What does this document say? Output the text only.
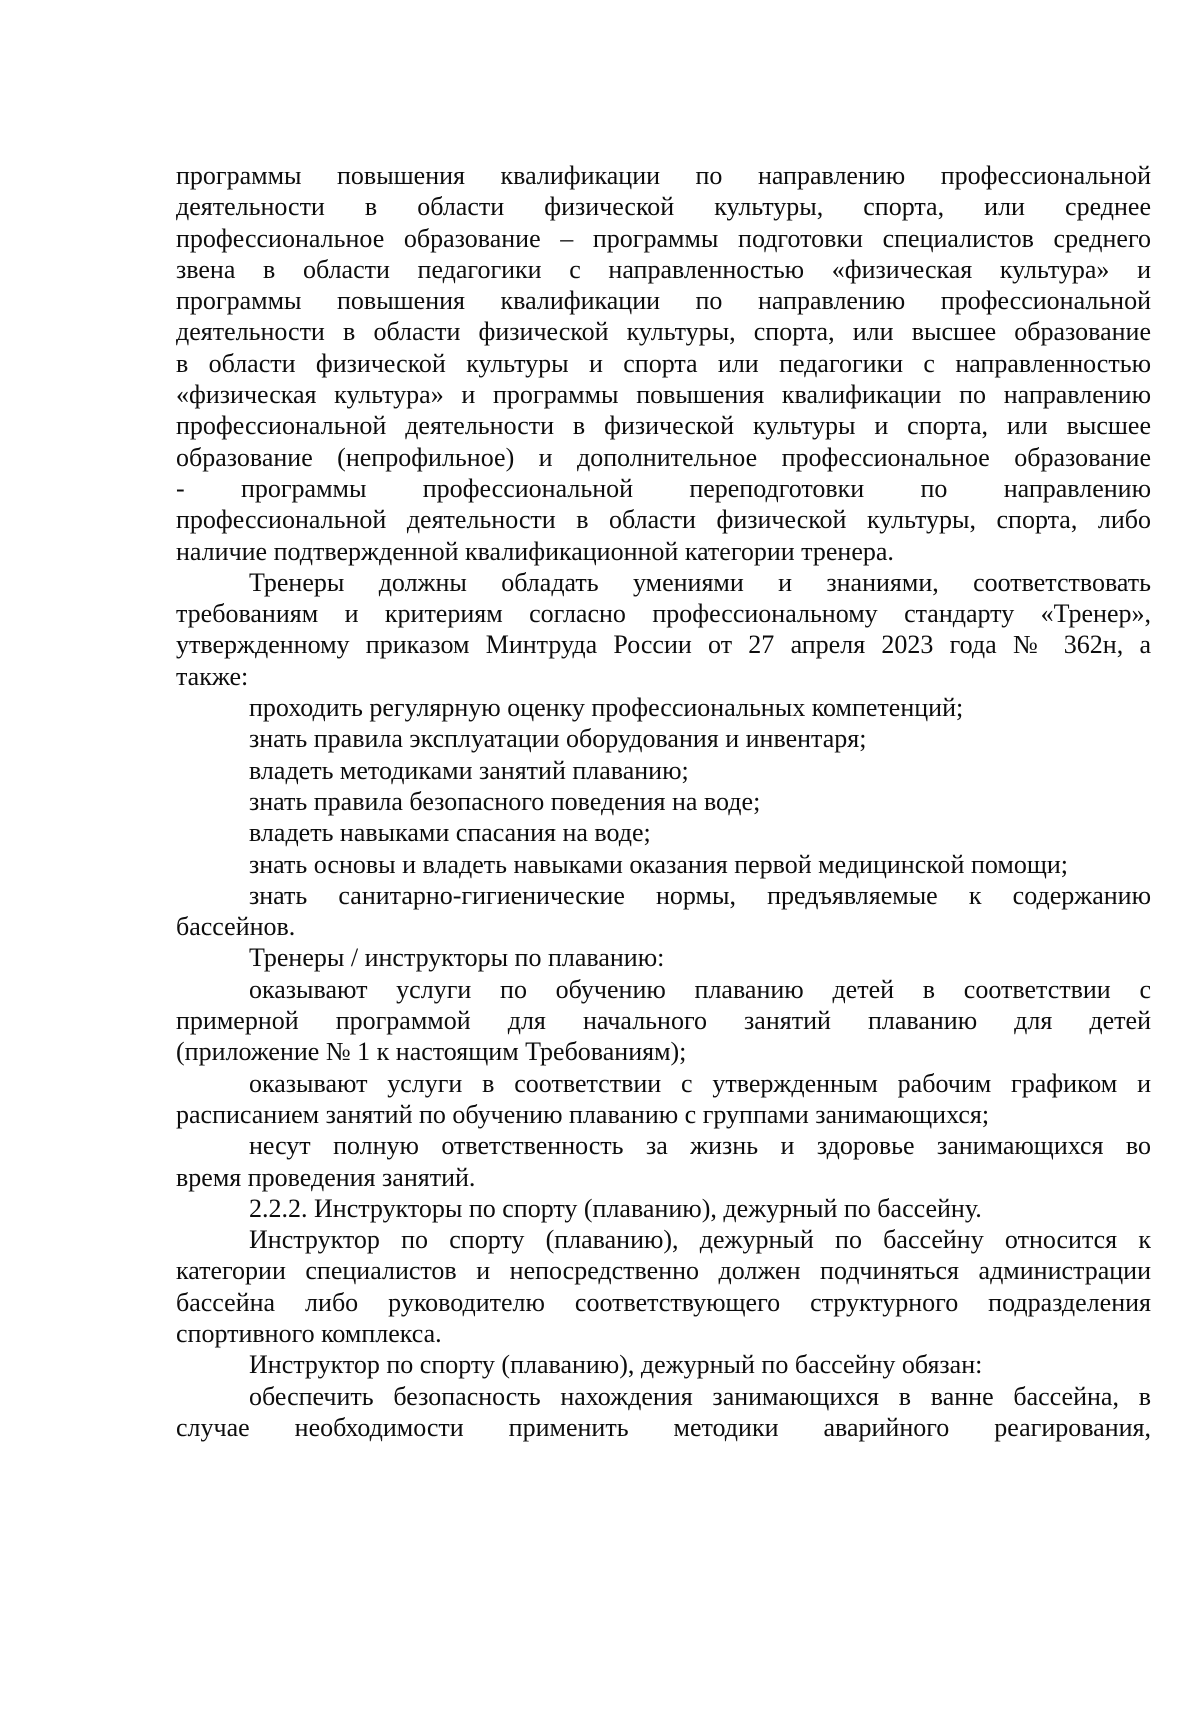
программы повышения квалификации по направлению профессиональной
деятельности в области физической культуры, спорта, или среднее
профессиональное образование – программы подготовки специалистов среднего
звена в области педагогики с направленностью «физическая культура» и
программы повышения квалификации по направлению профессиональной
деятельности в области физической культуры, спорта, или высшее образование
в области физической культуры и спорта или педагогики с направленностью
«физическая культура» и программы повышения квалификации по направлению
профессиональной деятельности в физической культуры и спорта, или высшее
образование (непрофильное) и дополнительное профессиональное образование
- программы профессиональной переподготовки по направлению
профессиональной деятельности в области физической культуры, спорта, либо
наличие подтвержденной квалификационной категории тренера.
Тренеры должны обладать умениями и знаниями, соответствовать
требованиям и критериям согласно профессиональному стандарту «Тренер»,
утвержденному приказом Минтруда России от 27 апреля 2023 года № 362н, а
также:
проходить регулярную оценку профессиональных компетенций;
знать правила эксплуатации оборудования и инвентаря;
владеть методиками занятий плаванию;
знать правила безопасного поведения на воде;
владеть навыками спасания на воде;
знать основы и владеть навыками оказания первой медицинской помощи;
знать санитарно-гигиенические нормы, предъявляемые к содержанию
бассейнов.
Тренеры / инструкторы по плаванию:
оказывают услуги по обучению плаванию детей в соответствии с
примерной программой для начального занятий плаванию для детей
(приложение № 1 к настоящим Требованиям);
оказывают услуги в соответствии с утвержденным рабочим графиком и
расписанием занятий по обучению плаванию с группами занимающихся;
несут полную ответственность за жизнь и здоровье занимающихся во
время проведения занятий.
2.2.2. Инструкторы по спорту (плаванию), дежурный по бассейну.
Инструктор по спорту (плаванию), дежурный по бассейну относится к
категории специалистов и непосредственно должен подчиняться администрации
бассейна либо руководителю соответствующего структурного подразделения
спортивного комплекса.
Инструктор по спорту (плаванию), дежурный по бассейну обязан:
обеспечить безопасность нахождения занимающихся в ванне бассейна, в
случае необходимости применить методики аварийного реагирования,
